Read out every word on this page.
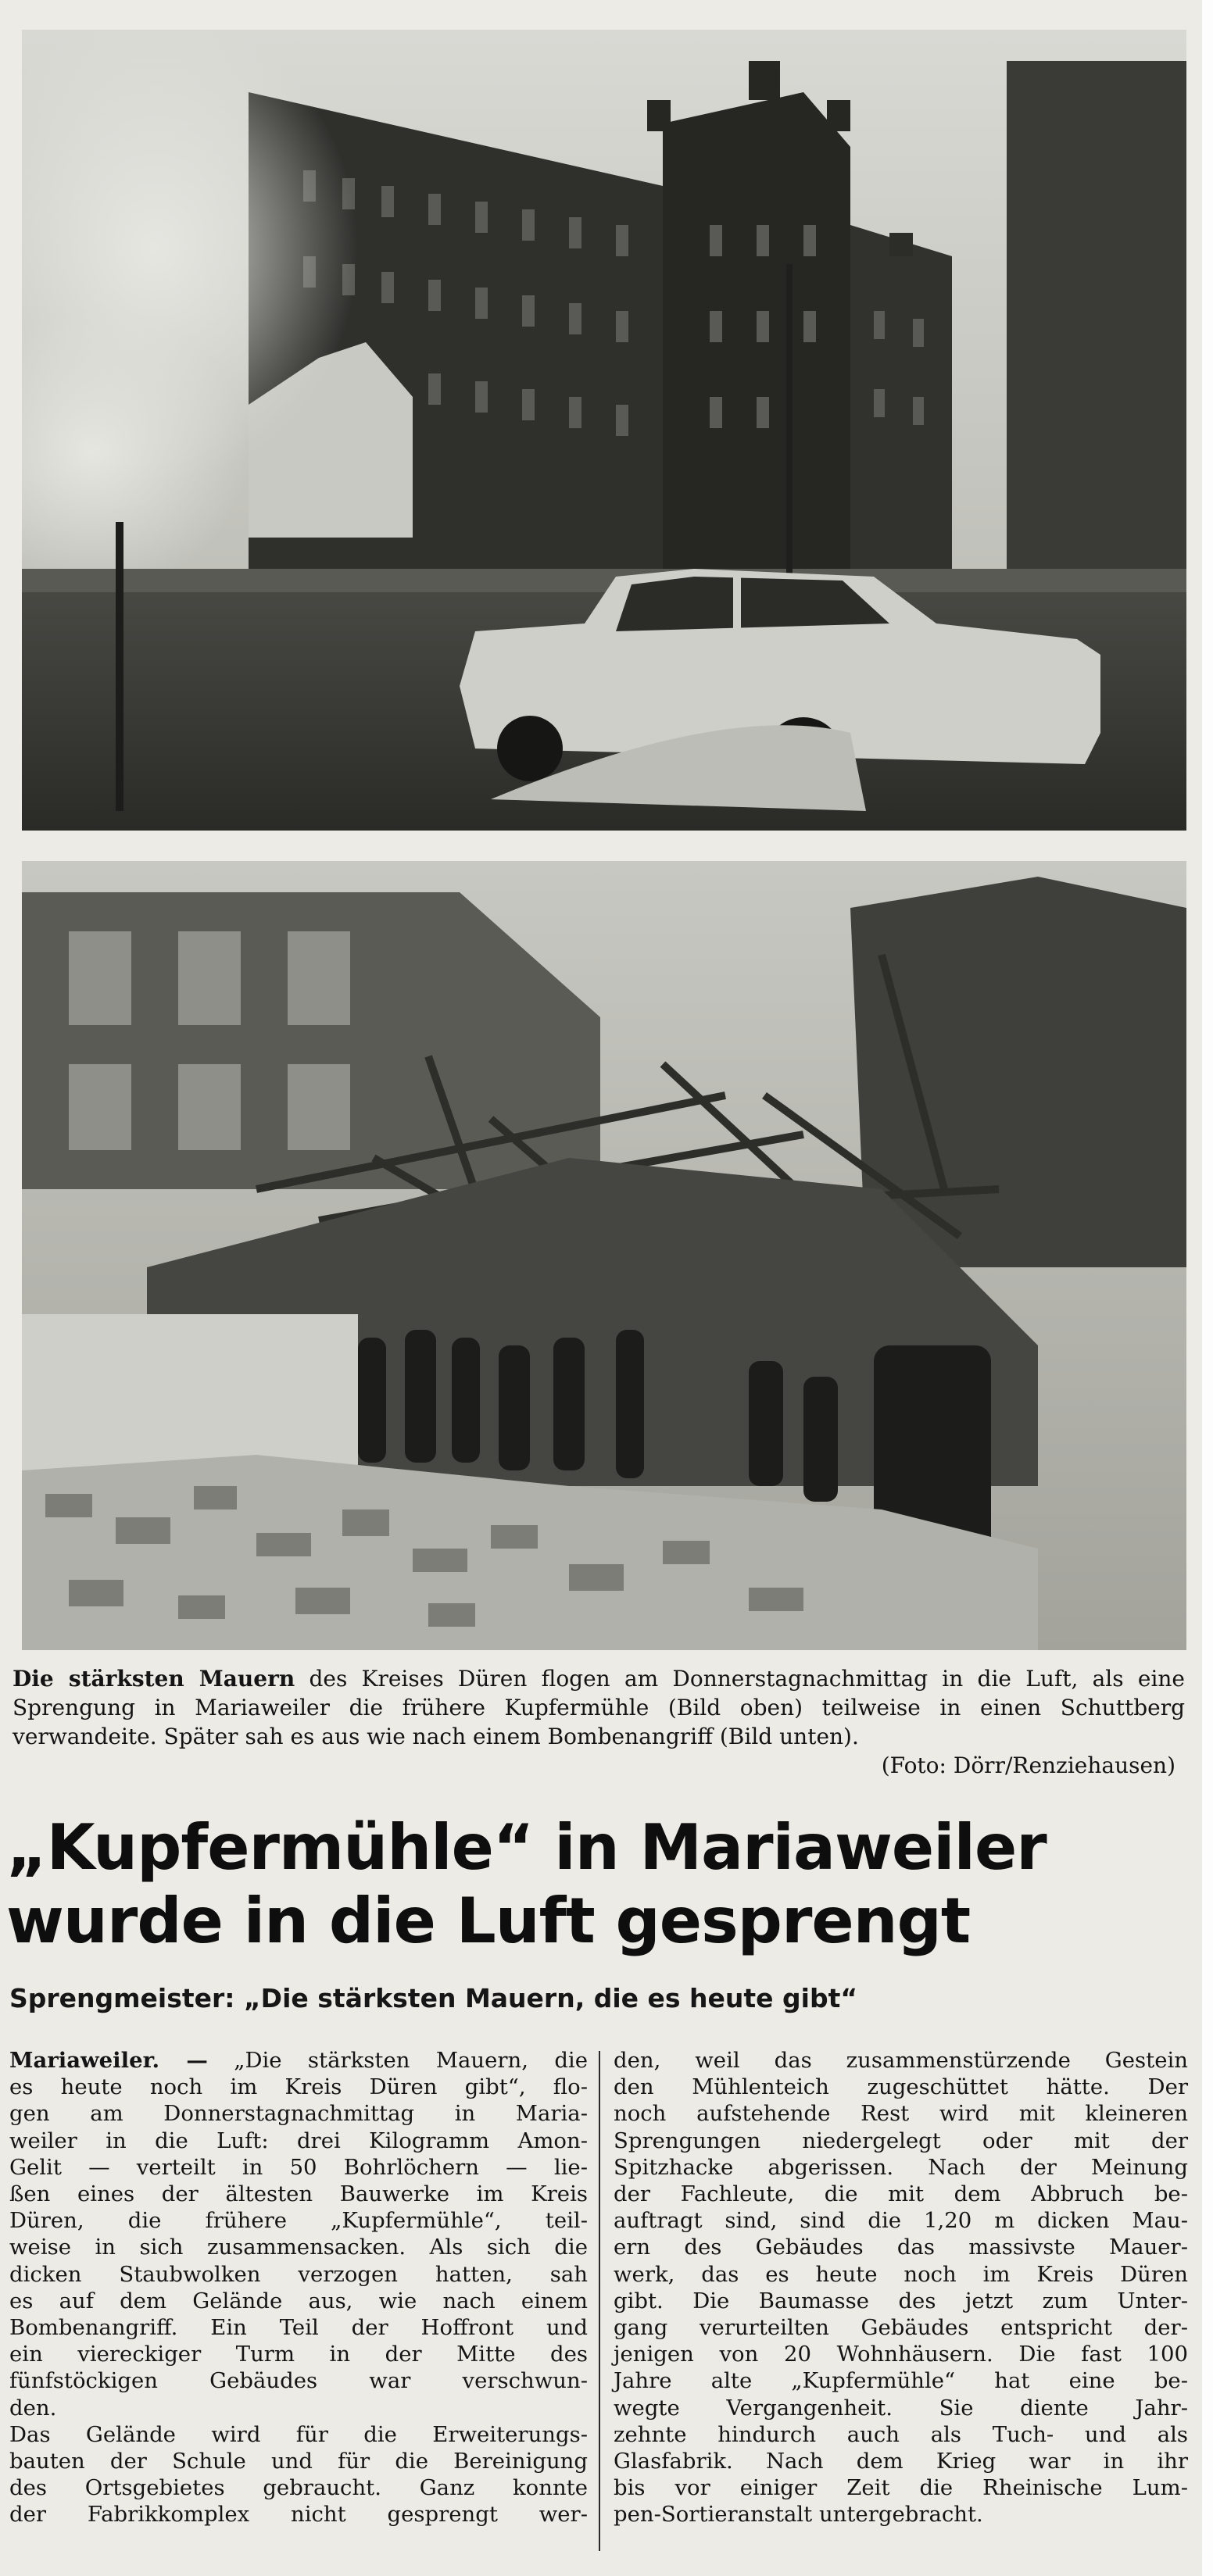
Die stärksten Mauern des Kreises Düren flogen am Donnerstagnachmittag in die Luft, als eine Sprengung in Mariaweiler die frühere Kupfermühle (Bild oben) teilweise in einen Schuttberg verwandeite. Später sah es aus wie nach einem Bombenangriff (Bild unten).
(Foto: Dörr/Renziehausen)
„Kupfermühle“ in Mariaweiler
wurde in die Luft gesprengt
Sprengmeister: „Die stärksten Mauern, die es heute gibt“
Mariaweiler. — „Die stärksten Mauern, die
es heute noch im Kreis Düren gibt“, flo-
gen am Donnerstagnachmittag in Maria-
weiler in die Luft: drei Kilogramm Amon-
Gelit — verteilt in 50 Bohrlöchern — lie-
ßen eines der ältesten Bauwerke im Kreis
Düren, die frühere „Kupfermühle“, teil-
weise in sich zusammensacken. Als sich die
dicken Staubwolken verzogen hatten, sah
es auf dem Gelände aus, wie nach einem
Bombenangriff. Ein Teil der Hoffront und
ein viereckiger Turm in der Mitte des
fünfstöckigen Gebäudes war verschwun-
den.
Das Gelände wird für die Erweiterungs-
bauten der Schule und für die Bereinigung
des Ortsgebietes gebraucht. Ganz konnte
der Fabrikkomplex nicht gesprengt wer-
den, weil das zusammenstürzende Gestein
den Mühlenteich zugeschüttet hätte. Der
noch aufstehende Rest wird mit kleineren
Sprengungen niedergelegt oder mit der
Spitzhacke abgerissen. Nach der Meinung
der Fachleute, die mit dem Abbruch be-
auftragt sind, sind die 1,20 m dicken Mau-
ern des Gebäudes das massivste Mauer-
werk, das es heute noch im Kreis Düren
gibt. Die Baumasse des jetzt zum Unter-
gang verurteilten Gebäudes entspricht der-
jenigen von 20 Wohnhäusern. Die fast 100
Jahre alte „Kupfermühle“ hat eine be-
wegte Vergangenheit. Sie diente Jahr-
zehnte hindurch auch als Tuch- und als
Glasfabrik. Nach dem Krieg war in ihr
bis vor einiger Zeit die Rheinische Lum-
pen-Sortieranstalt untergebracht.
